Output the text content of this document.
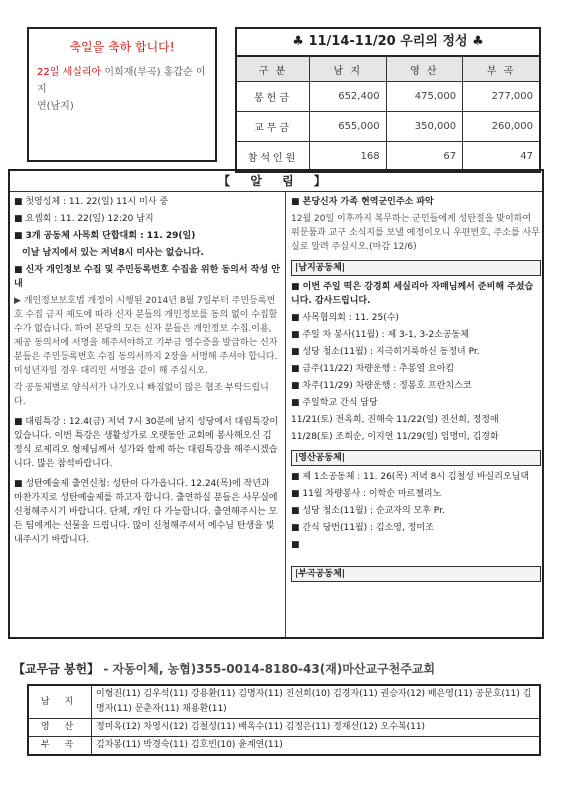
축일을 축하 합니다!
22일 세실리아 이희재(부곡) 홍갑순 이지
연(남지)
♣ 11/14-11/20 우리의 정성 ♣
구 분	남 지	영 산	부 곡
봉헌금	652,400	475,000	277,000
교무금	655,000	350,000	260,000
참석인원	168	67	47
【 알 림 】
■ 첫영성체 : 11. 22(일) 11시 미사 중
■ 요셉회 : 11. 22(일) 12:20 남지
■ 3개 공동체 사목회 단합대회 : 11. 29(일)
이날 남지에서 있는 저녁8시 미사는 없습니다.
■ 신자 개인정보 수집 및 주민등록번호 수집을 위한 동의서 작성 안내
▶ 개인정보보호법 개정이 시행된 2014년 8월 7일부터 주민등록번호 수집 금지 제도에 따라 신자 분들의 개인정보를 동의 없이 수집할 수가 없습니다. 하여 본당의 모든 신자 분들은 개인정보 수집.이용,제공 동의서에 서명을 해주셔야하고 기부금 영수증을 발급하는 신자 분들은 주민등록번호 수집 동의서까지 2장을 서명해 주셔야 합니다. 미성년자일 경우 대리인 서명을 같이 해 주십시오.
각 공동체별로 양식서가 나가오니 빠짐없이 많은 협조 부탁드립니다.
■ 대림특강 : 12.4(금) 저녁 7시 30분에 남지 성당에서 대림특강이 있습니다. 이번 특강은 생활성가로 오랫동안 교회에 봉사해오신 김정식 로제리오 형제님께서 성가와 함께 하는 대림특강을 해주시겠습니다. 많은 참석바랍니다.
■ 성탄예술제 출연신청: 성탄이 다가옵니다. 12.24(목)에 작년과 마찬가지로 성탄예술제를 하고자 합니다. 출연하실 분들은 사무실에 신청해주시기 바랍니다. 단체, 개인 다 가능합니다. 출연해주시는 모든 팀에게는 선물을 드립니다. 많이 신청해주셔서 예수님 탄생을 빛내주시기 바랍니다.
■ 본당신자 가족 현역군인주소 파악
12월 20일 이후까지 복무하는 군인들에게 성탄절을 맞이하여 위문품과 교구 소식지를 보낼 예정이오니 우편번호, 주소를 사무실로 알려 주십시오.(마감 12/6)
|남지공동체|
■ 이번 주일 떡은 강경희 세실리아 자매님께서 준비해 주셨습니다. 감사드립니다.
■ 사목협의회 : 11. 25(수)
■ 주일 차 봉사(11월) : 제 3-1, 3-2소공동체
■ 성당 청소(11월) : 지극히거룩하신 동정녀 Pr.
■ 금주(11/22) 차량운행 : 추봉열 요아킴
■ 차주(11/29) 차량운행 : 정봉호 프란치스코
■ 주일학교 간식 담당
11/21(토) 전옥희, 진해숙 11/22(일) 진선희, 정정애
11/28(토) 조희순, 이지연 11/29(일) 임명미, 김경화
|영산공동체|
■ 제 1소공동체 : 11. 26(목) 저녁 8시 김철성 바실리오님댁
■ 11월 차량봉사 : 이학순 마르첼리노
■ 성당 청소(11월) : 순교자의 모후 Pr.
■ 간식 당번(11월) : 김소영, 정미조
■
|부곡공동체|
【교무금 봉헌】 - 자동이체, 농협)355-0014-8180-43(재)마산교구천주교회
남 지	이형진(11) 김우석(11) 강용환(11) 김명자(11) 진선희(10) 김경자(11) 권승자(12) 배은영(11) 공문호(11) 김명자(11) 문춘자(11) 채용환(11)
영 산	정미옥(12) 차영시(12) 김철성(11) 배옥수(11) 김정은(11) 정재선(12) 오수복(11)
부 곡	김차봉(11) 박경숙(11) 김호빈(10) 윤계연(11)
